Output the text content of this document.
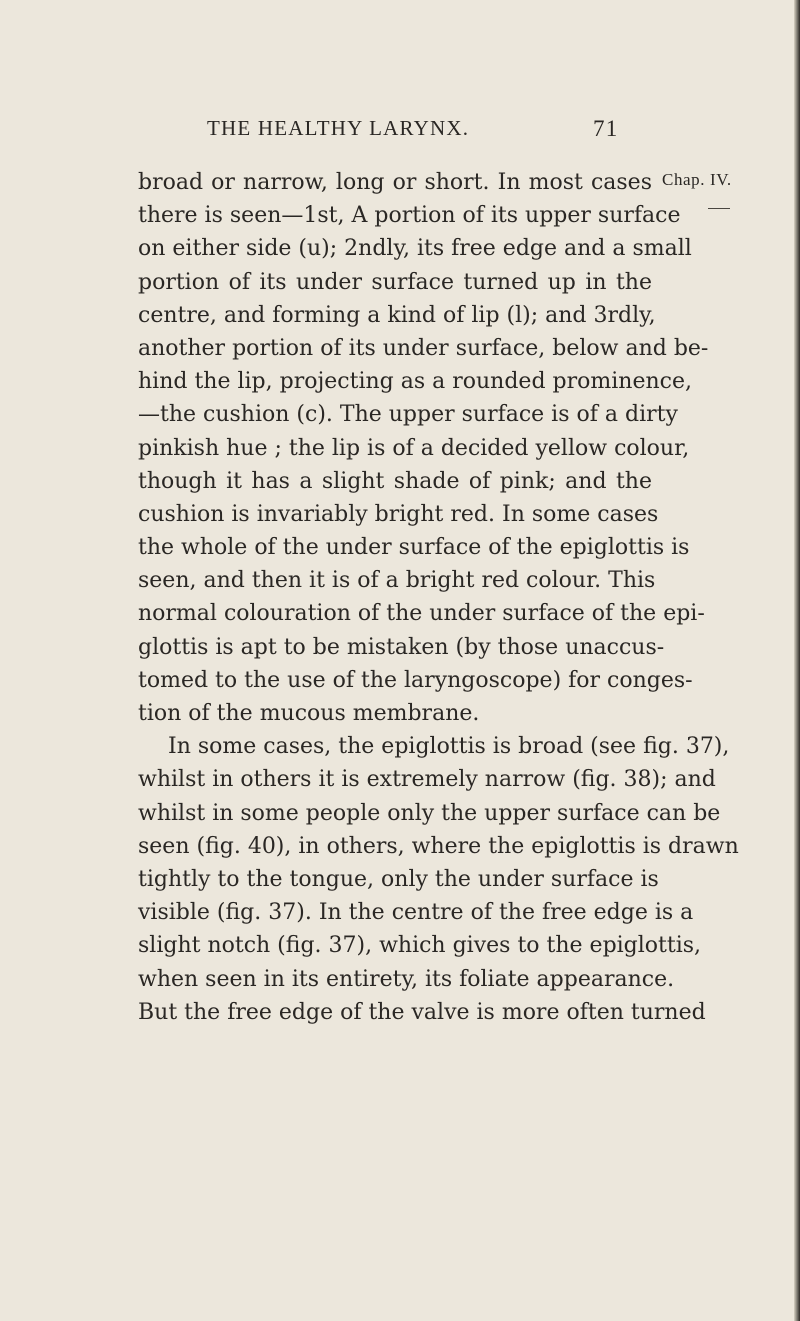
THE HEALTHY LARYNX.	71
Chap. IV.
broad or narrow, long or short. In most cases
there is seen—1st, A portion of its upper surface
on either side (u); 2ndly, its free edge and a small
portion of its under surface turned up in the
centre, and forming a kind of lip (l); and 3rdly,
another portion of its under surface, below and be-
hind the lip, projecting as a rounded prominence,
—the cushion (c). The upper surface is of a dirty
pinkish hue ; the lip is of a decided yellow colour,
though it has a slight shade of pink; and the
cushion is invariably bright red. In some cases
the whole of the under surface of the epiglottis is
seen, and then it is of a bright red colour. This
normal colouration of the under surface of the epi-
glottis is apt to be mistaken (by those unaccus-
tomed to the use of the laryngoscope) for conges-
tion of the mucous membrane.
In some cases, the epiglottis is broad (see fig. 37),
whilst in others it is extremely narrow (fig. 38); and
whilst in some people only the upper surface can be
seen (fig. 40), in others, where the epiglottis is drawn
tightly to the tongue, only the under surface is
visible (fig. 37). In the centre of the free edge is a
slight notch (fig. 37), which gives to the epiglottis,
when seen in its entirety, its foliate appearance.
But the free edge of the valve is more often turned
